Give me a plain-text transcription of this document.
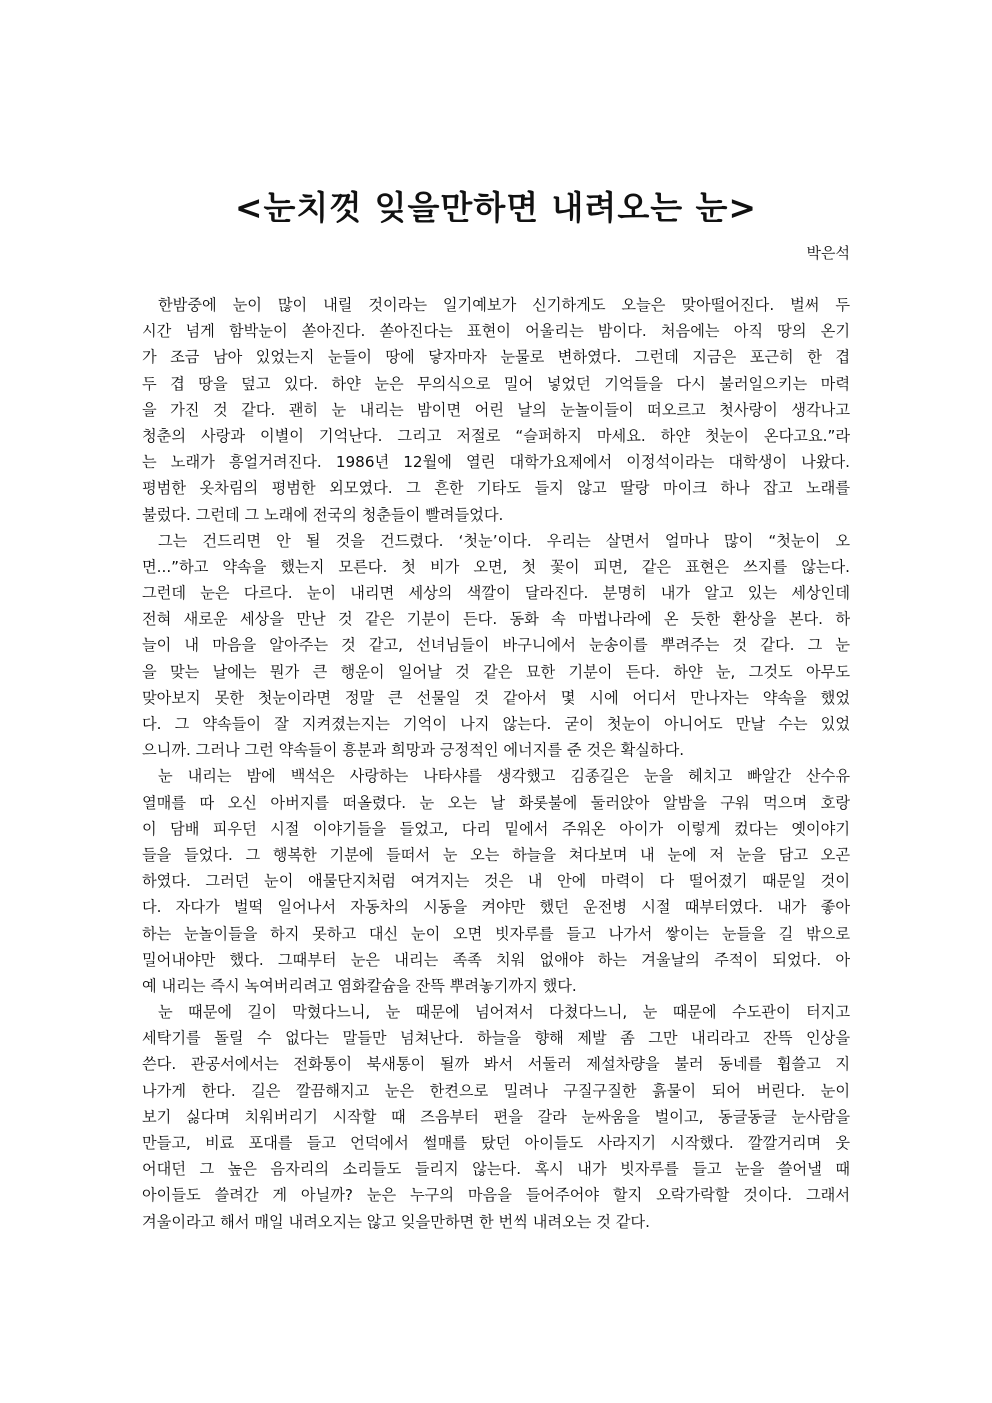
<눈치껏 잊을만하면 내려오는 눈>
박은석
한밤중에 눈이 많이 내릴 것이라는 일기예보가 신기하게도 오늘은 맞아떨어진다. 벌써 두
시간 넘게 함박눈이 쏟아진다. 쏟아진다는 표현이 어울리는 밤이다. 처음에는 아직 땅의 온기
가 조금 남아 있었는지 눈들이 땅에 닿자마자 눈물로 변하였다. 그런데 지금은 포근히 한 겹
두 겹 땅을 덮고 있다. 하얀 눈은 무의식으로 밀어 넣었던 기억들을 다시 불러일으키는 마력
을 가진 것 같다. 괜히 눈 내리는 밤이면 어린 날의 눈놀이들이 떠오르고 첫사랑이 생각나고
청춘의 사랑과 이별이 기억난다. 그리고 저절로 “슬퍼하지 마세요. 하얀 첫눈이 온다고요.”라
는 노래가 흥얼거려진다. 1986년 12월에 열린 대학가요제에서 이정석이라는 대학생이 나왔다.
평범한 옷차림의 평범한 외모였다. 그 흔한 기타도 들지 않고 딸랑 마이크 하나 잡고 노래를
불렀다. 그런데 그 노래에 전국의 청춘들이 빨려들었다.
그는 건드리면 안 될 것을 건드렸다. ‘첫눈’이다. 우리는 살면서 얼마나 많이 “첫눈이 오
면...”하고 약속을 했는지 모른다. 첫 비가 오면, 첫 꽃이 피면, 같은 표현은 쓰지를 않는다.
그런데 눈은 다르다. 눈이 내리면 세상의 색깔이 달라진다. 분명히 내가 알고 있는 세상인데
전혀 새로운 세상을 만난 것 같은 기분이 든다. 동화 속 마법나라에 온 듯한 환상을 본다. 하
늘이 내 마음을 알아주는 것 같고, 선녀님들이 바구니에서 눈송이를 뿌려주는 것 같다. 그 눈
을 맞는 날에는 뭔가 큰 행운이 일어날 것 같은 묘한 기분이 든다. 하얀 눈, 그것도 아무도
맞아보지 못한 첫눈이라면 정말 큰 선물일 것 같아서 몇 시에 어디서 만나자는 약속을 했었
다. 그 약속들이 잘 지켜졌는지는 기억이 나지 않는다. 굳이 첫눈이 아니어도 만날 수는 있었
으니까. 그러나 그런 약속들이 흥분과 희망과 긍정적인 에너지를 준 것은 확실하다.
눈 내리는 밤에 백석은 사랑하는 나타샤를 생각했고 김종길은 눈을 헤치고 빠알간 산수유
열매를 따 오신 아버지를 떠올렸다. 눈 오는 날 화롯불에 둘러앉아 알밤을 구워 먹으며 호랑
이 담배 피우던 시절 이야기들을 들었고, 다리 밑에서 주워온 아이가 이렇게 컸다는 옛이야기
들을 들었다. 그 행복한 기분에 들떠서 눈 오는 하늘을 쳐다보며 내 눈에 저 눈을 담고 오곤
하였다. 그러던 눈이 애물단지처럼 여겨지는 것은 내 안에 마력이 다 떨어졌기 때문일 것이
다. 자다가 벌떡 일어나서 자동차의 시동을 켜야만 했던 운전병 시절 때부터였다. 내가 좋아
하는 눈놀이들을 하지 못하고 대신 눈이 오면 빗자루를 들고 나가서 쌓이는 눈들을 길 밖으로
밀어내야만 했다. 그때부터 눈은 내리는 족족 치워 없애야 하는 겨울날의 주적이 되었다. 아
예 내리는 즉시 녹여버리려고 염화칼슘을 잔뜩 뿌려놓기까지 했다.
눈 때문에 길이 막혔다느니, 눈 때문에 넘어져서 다쳤다느니, 눈 때문에 수도관이 터지고
세탁기를 돌릴 수 없다는 말들만 넘쳐난다. 하늘을 향해 제발 좀 그만 내리라고 잔뜩 인상을
쓴다. 관공서에서는 전화통이 북새통이 될까 봐서 서둘러 제설차량을 불러 동네를 휩쓸고 지
나가게 한다. 길은 깔끔해지고 눈은 한켠으로 밀려나 구질구질한 흙물이 되어 버린다. 눈이
보기 싫다며 치워버리기 시작할 때 즈음부터 편을 갈라 눈싸움을 벌이고, 동글동글 눈사람을
만들고, 비료 포대를 들고 언덕에서 썰매를 탔던 아이들도 사라지기 시작했다. 깔깔거리며 웃
어대던 그 높은 음자리의 소리들도 들리지 않는다. 혹시 내가 빗자루를 들고 눈을 쓸어낼 때
아이들도 쓸려간 게 아닐까? 눈은 누구의 마음을 들어주어야 할지 오락가락할 것이다. 그래서
겨울이라고 해서 매일 내려오지는 않고 잊을만하면 한 번씩 내려오는 것 같다.
